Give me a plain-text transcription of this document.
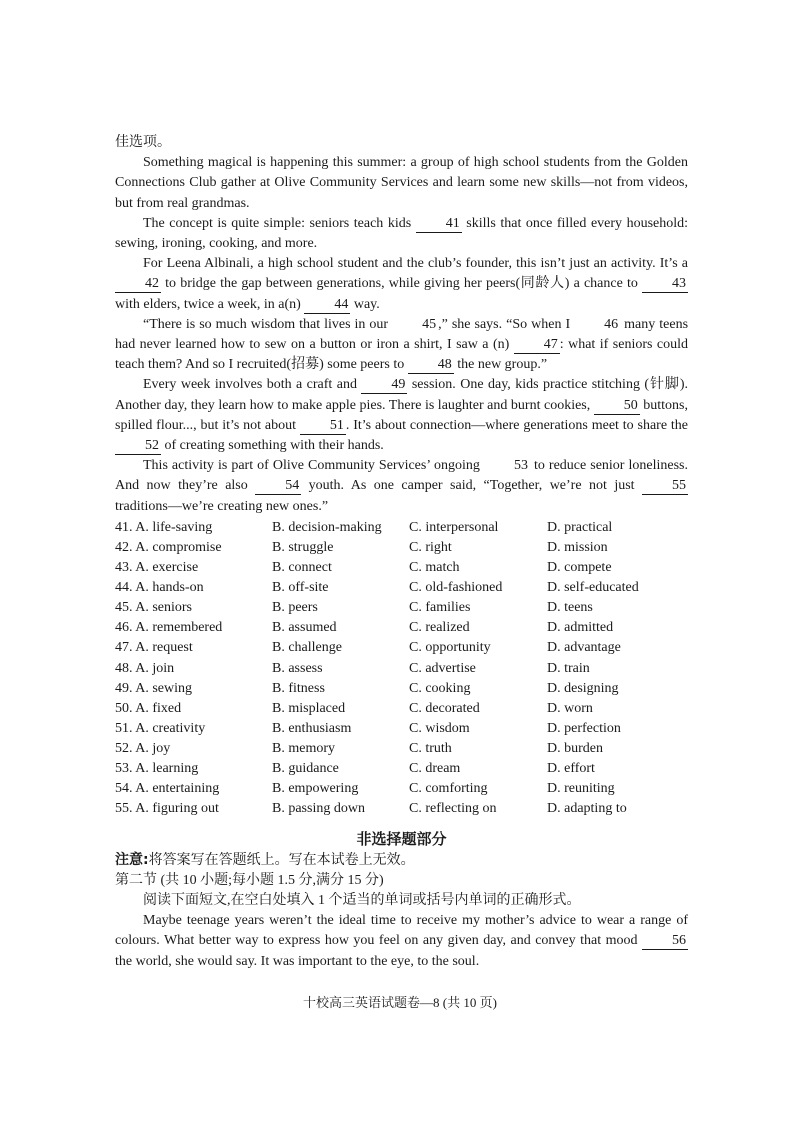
佳选项。

Something magical is happening this summer: a group of high school students from the Golden Connections Club gather at Olive Community Services and learn some new skills—not from videos, but from real grandmas.

The concept is quite simple: seniors teach kids 41 skills that once filled every household: sewing, ironing, cooking, and more.

For Leena Albinali, a high school student and the club’s founder, this isn’t just an activity. It’s a 42 to bridge the gap between generations, while giving her peers(同龄人) a chance to 43 with elders, twice a week, in a(n) 44 way.

“There is so much wisdom that lives in our 45 ,” she says. “So when I 46 many teens had never learned how to sew on a button or iron a shirt, I saw a (n) 47 : what if seniors could teach them? And so I recruited(招募) some peers to 48 the new group.”

Every week involves both a craft and 49 session. One day, kids practice stitching (针脚). Another day, they learn how to make apple pies. There is laughter and burnt cookies, 50 buttons, spilled flour..., but it’s not about 51 . It’s about connection—where generations meet to share the 52 of creating something with their hands.

This activity is part of Olive Community Services’ ongoing 53 to reduce senior loneliness. And now they’re also	54 youth. As one camper said, “Together, we’re not just	55 traditions—we’re creating new ones.”

41. A. life-saving	B. decision-making	C. interpersonal	D. practical
42. A. compromise	B. struggle	C. right	D. mission
43. A. exercise	B. connect	C. match	D. compete
44. A. hands-on	B. off-site	C. old-fashioned	D. self-educated
45. A. seniors	B. peers	C. families	D. teens
46. A. remembered	B. assumed	C. realized	D. admitted
47. A. request	B. challenge	C. opportunity	D. advantage
48. A. join	B. assess	C. advertise	D. train
49. A. sewing	B. fitness	C. cooking	D. designing
50. A. fixed	B. misplaced	C. decorated	D. worn
51. A. creativity	B. enthusiasm	C. wisdom	D. perfection
52. A. joy	B. memory	C. truth	D. burden
53. A. learning	B. guidance	C. dream	D. effort
54. A. entertaining	B. empowering	C. comforting	D. reuniting
55. A. figuring out	B. passing down	C. reflecting on	D. adapting to
非选择题部分

注意:将答案写在答题纸上。写在本试卷上无效。

第二节 (共 10 小题;每小题 1.5 分,满分 15 分)

阅读下面短文,在空白处填入 1 个适当的单词或括号内单词的正确形式。

Maybe teenage years weren’t the ideal time to receive my mother’s advice to wear a range of colours. What better way to express how you feel on any given day, and convey that mood 56 the world, she would say. It was important to the eye, to the soul.

十校高三英语试题卷—8 (共 10 页)
